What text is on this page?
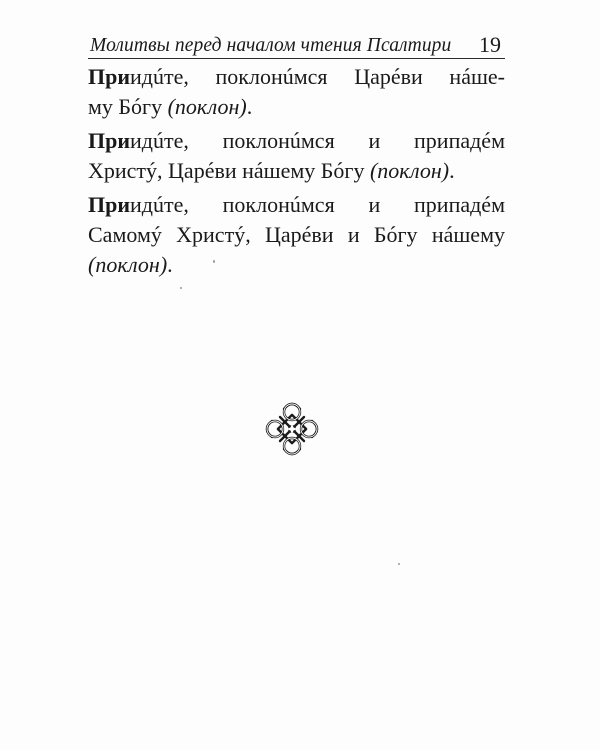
Молитвы перед началом чтения Псалтири 19

Приидúте, поклонúмся Царéви нáше-
му Бóгу (поклон).

Приидúте, поклонúмся и припадéм
Христý, Царéви нáшему Бóгу (поклон).

Приидúте, поклонúмся и припадéм
Самомý Христý, Царéви и Бóгу нáшему
(поклон).
